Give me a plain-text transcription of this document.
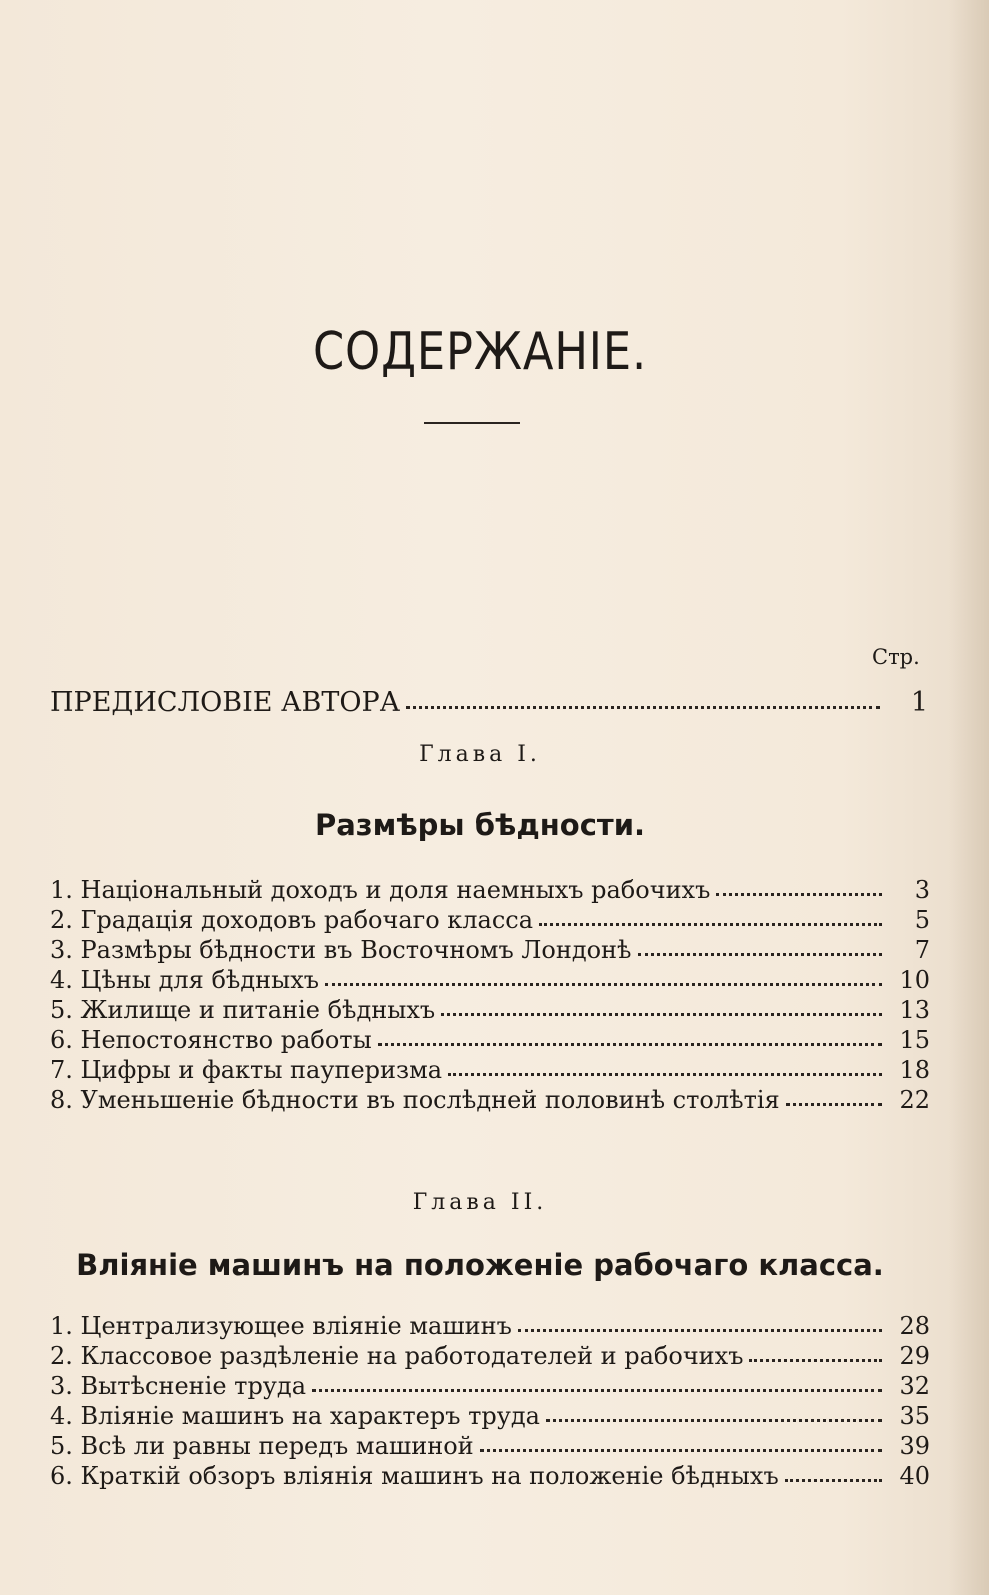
СОДЕРЖАНІЕ.
Стр.
ПРЕДИСЛОВІЕ АВТОРА	1
Глава I.
Размѣры бѣдности.
1. Національный доходъ и доля наемныхъ рабочихъ	3
2. Градація доходовъ рабочаго класса	5
3. Размѣры бѣдности въ Восточномъ Лондонѣ	7
4. Цѣны для бѣдныхъ	10
5. Жилище и питаніе бѣдныхъ	13
6. Непостоянство работы	15
7. Цифры и факты пауперизма	18
8. Уменьшеніе бѣдности въ послѣдней половинѣ столѣтія	22
Глава II.
Вліяніе машинъ на положеніе рабочаго класса.
1. Централизующее вліяніе машинъ	28
2. Классовое раздѣленіе на работодателей и рабочихъ	29
3. Вытѣсненіе труда	32
4. Вліяніе машинъ на характеръ труда	35
5. Всѣ ли равны передъ машиной	39
6. Краткій обзоръ вліянія машинъ на положеніе бѣдныхъ	40
